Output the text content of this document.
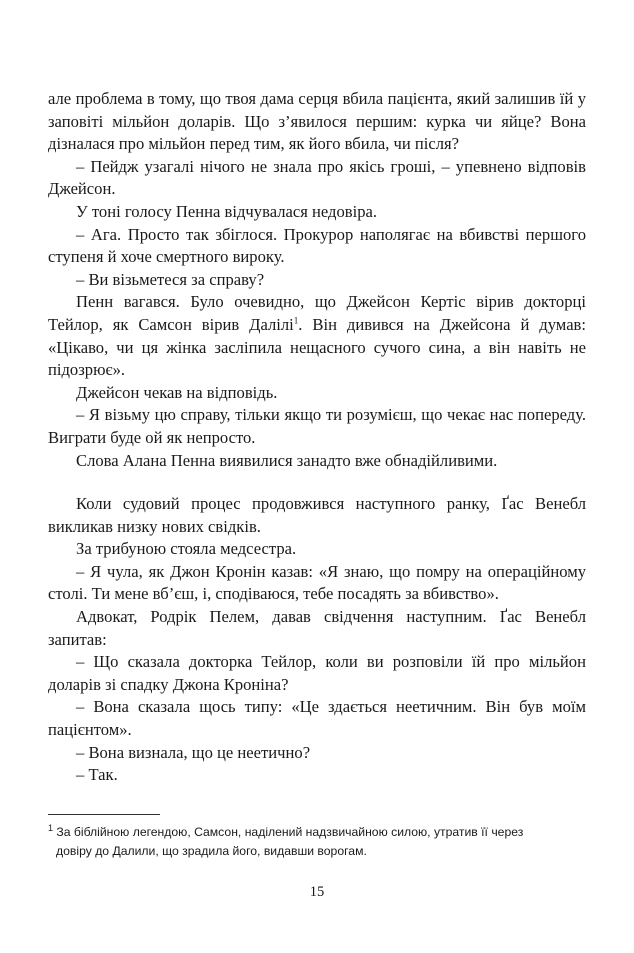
але проблема в тому, що твоя дама серця вбила пацієнта, який залишив їй у заповіті мільйон доларів. Що з’явилося першим: курка чи яйце? Вона дізналася про мільйон перед тим, як його вбила, чи після?

– Пейдж узагалі нічого не знала про якісь гроші, – упевнено відповів Джейсон.

У тоні голосу Пенна відчувалася недовіра.

– Ага. Просто так збіглося. Прокурор наполягає на вбивстві першого ступеня й хоче смертного вироку.

– Ви візьметеся за справу?

Пенн вагався. Було очевидно, що Джейсон Кертіс вірив докторці Тейлор, як Самсон вірив Далілі$^1$. Він дивився на Джейсона й думав: «Цікаво, чи ця жінка засліпила нещасного сучого сина, а він навіть не підозрює».

Джейсон чекав на відповідь.

– Я візьму цю справу, тільки якщо ти розумієш, що чекає нас попереду. Виграти буде ой як непросто.

Слова Алана Пенна виявилися занадто вже обнадійливими.

Коли судовий процес продовжився наступного ранку, Ґас Венебл викликав низку нових свідків.

За трибуною стояла медсестра.

– Я чула, як Джон Кронін казав: «Я знаю, що помру на операційному столі. Ти мене вб’єш, і, сподіваюся, тебе посадять за вбивство».

Адвокат, Родрік Пелем, давав свідчення наступним. Ґас Венебл запитав:

– Що сказала докторка Тейлор, коли ви розповіли їй про мільйон доларів зі спадку Джона Кроніна?

– Вона сказала щось типу: «Це здається неетичним. Він був моїм пацієнтом».

– Вона визнала, що це неетично?

– Так.

$^1$ За біблійною легендою, Самсон, наділений надзвичайною силою, утратив її через
довіру до Далили, що зрадила його, видавши ворогам.
15
